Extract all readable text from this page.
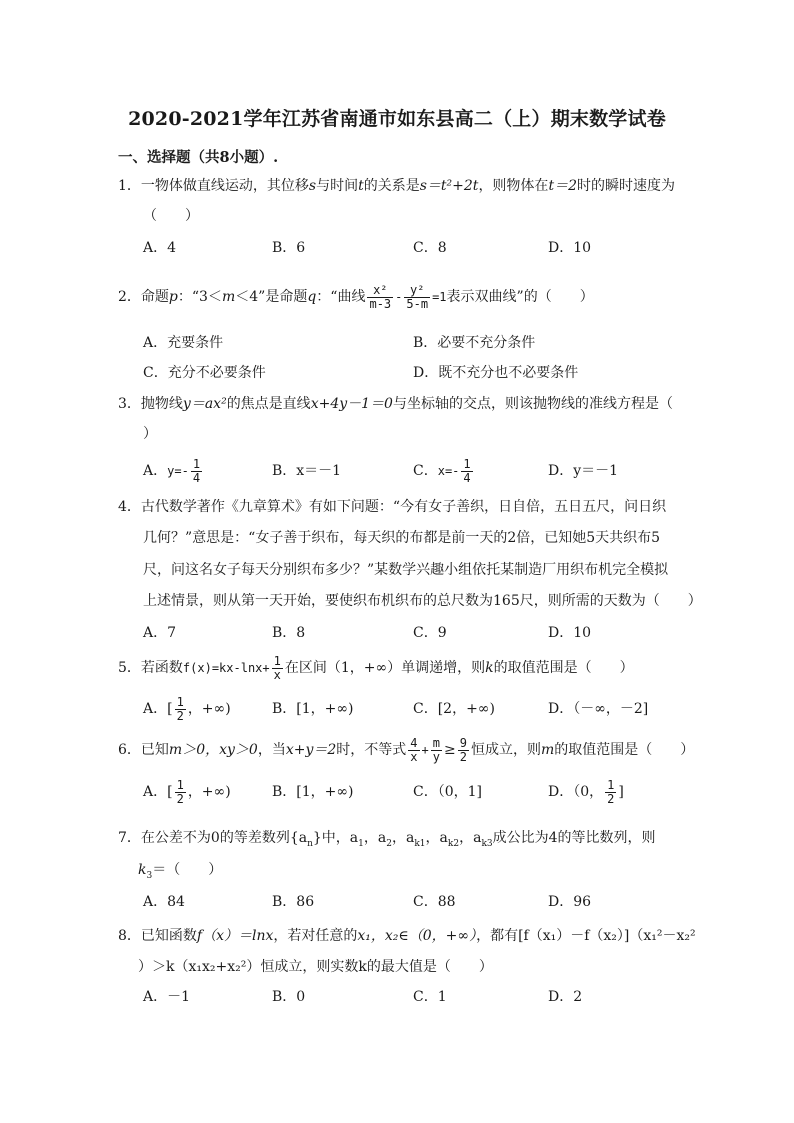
2020-2021学年江苏省南通市如东县高二（上）期末数学试卷
一、选择题（共8小题）.
1．一物体做直线运动，其位移s与时间t的关系是s＝t²+2t，则物体在t＝2时的瞬时速度为
（　　）
A．4	B．6	C．8	D．10
2．命题p：“3＜m＜4”是命题q：“曲线 $\frac{\text{x²}}{m-3} - \frac{\text{y²}}{5-m} =1$表示双曲线”的（　　）
A．充要条件	B．必要不充分条件
C．充分不必要条件	D．既不充分也不必要条件
3．抛物线y＝ax²的焦点是直线x+4y－1＝0与坐标轴的交点，则该抛物线的准线方程是（
）
A．$y=- \frac{1}{4}$	B．x＝－1	C．$x=- \frac{1}{4}$	D．y＝－1
4．古代数学著作《九章算术》有如下问题：“今有女子善织，日自倍，五日五尺，问日织
几何？”意思是：“女子善于织布，每天织的布都是前一天的2倍，已知她5天共织布5
尺，问这名女子每天分别织布多少？”某数学兴趣小组依托某制造厂用织布机完全模拟
上述情景，则从第一天开始，要使织布机织布的总尺数为165尺，则所需的天数为（　　）
A．7	B．8	C．9	D．10
5．若函数$f(x)=kx-\ln x+ \frac{1}{x}$ 在区间（1，+∞）单调递增，则k的取值范围是（　　）
A．[ $\frac{1}{2}$ ，+∞)	B．[1，+∞)	C．[2，+∞)	D．（－∞，－2]
6．已知m＞0，xy＞0，当x+y＝2时，不等式 $\frac{4}{x} + \frac{m}{y} \ge \frac{9}{2}$ 恒成立，则m的取值范围是（　　）
A．[ $\frac{1}{2}$ ，+∞)	B．[1，+∞)	C．（0，1]	D．（0， $\frac{1}{2}$ ]
7．在公差不为0的等差数列$\{a_n\}$中，$a_1$，$a_2$，$a_{k1}$，$a_{k2}$，$a_{k3}$成公比为4的等比数列，则
$k_3=$（　　）
A．84	B．86	C．88	D．96
8．已知函数f（x）＝lnx，若对任意的x₁，x₂∈（0，+∞），都有[f（x₁）－f（x₂）]（x₁²－x₂²
）＞k（x₁x₂+x₂²）恒成立，则实数k的最大值是（　　）
A．－1	B．0	C．1	D．2
